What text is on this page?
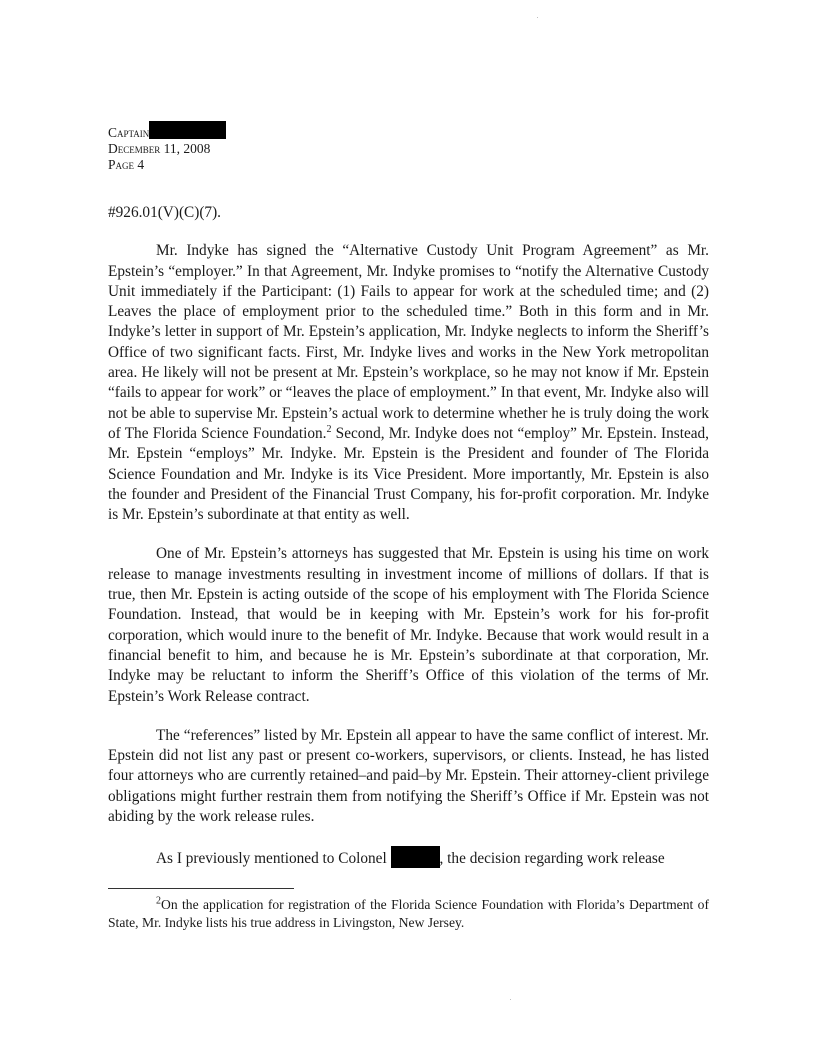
Captain
December 11, 2008
Page 4

#926.01(V)(C)(7).

Mr. Indyke has signed the “Alternative Custody Unit Program Agreement” as Mr. Epstein’s “employer.” In that Agreement, Mr. Indyke promises to “notify the Alternative Custody Unit immediately if the Participant: (1) Fails to appear for work at the scheduled time; and (2) Leaves the place of employment prior to the scheduled time.” Both in this form and in Mr. Indyke’s letter in support of Mr. Epstein’s application, Mr. Indyke neglects to inform the Sheriff’s Office of two significant facts. First, Mr. Indyke lives and works in the New York metropolitan area. He likely will not be present at Mr. Epstein’s workplace, so he may not know if Mr. Epstein “fails to appear for work” or “leaves the place of employment.” In that event, Mr. Indyke also will not be able to supervise Mr. Epstein’s actual work to determine whether he is truly doing the work of The Florida Science Foundation.$^2$ Second, Mr. Indyke does not “employ” Mr. Epstein. Instead, Mr. Epstein “employs” Mr. Indyke. Mr. Epstein is the President and founder of The Florida Science Foundation and Mr. Indyke is its Vice President. More importantly, Mr. Epstein is also the founder and President of the Financial Trust Company, his for-profit corporation. Mr. Indyke is Mr. Epstein’s subordinate at that entity as well.

One of Mr. Epstein’s attorneys has suggested that Mr. Epstein is using his time on work release to manage investments resulting in investment income of millions of dollars. If that is true, then Mr. Epstein is acting outside of the scope of his employment with The Florida Science Foundation. Instead, that would be in keeping with Mr. Epstein’s work for his for-profit corporation, which would inure to the benefit of Mr. Indyke. Because that work would result in a financial benefit to him, and because he is Mr. Epstein’s subordinate at that corporation, Mr. Indyke may be reluctant to inform the Sheriff’s Office of this violation of the terms of Mr. Epstein’s Work Release contract.

The “references” listed by Mr. Epstein all appear to have the same conflict of interest. Mr. Epstein did not list any past or present co-workers, supervisors, or clients. Instead, he has listed four attorneys who are currently retained–and paid–by Mr. Epstein. Their attorney-client privilege obligations might further restrain them from notifying the Sheriff’s Office if Mr. Epstein was not abiding by the work release rules.

As I previously mentioned to Colonel	, the decision regarding work release

$^2$On the application for registration of the Florida Science Foundation with Florida’s Department of State, Mr. Indyke lists his true address in Livingston, New Jersey.
